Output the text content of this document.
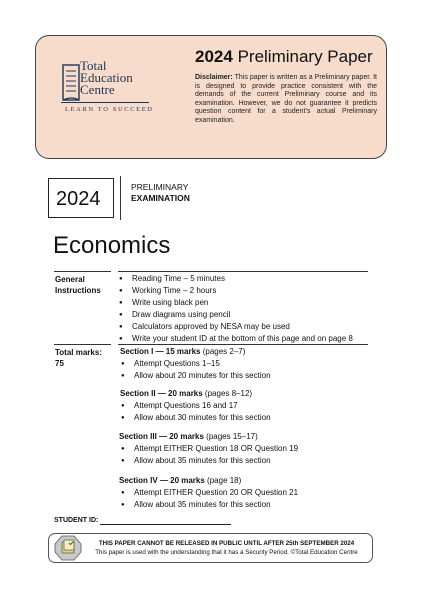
Total
Education
Centre
LEARN TO SUCCEED
2024 Preliminary Paper
Disclaimer: This paper is written as a Preliminary paper. It is designed to provide practice consistent with the demands of the current Preliminary course and its examination. However, we do not guarantee it predicts question content for a student’s actual Preliminary examination.
2024
PRELIMINARY
EXAMINATION
Economics
General
Instructions
● Reading Time – 5 minutes
● Working Time – 2 hours
● Write using black pen
● Draw diagrams using pencil
● Calculators approved by NESA may be used
● Write your student ID at the bottom of this page and on page 8
Total marks:
75
Section I — 15 marks (pages 2–7)
● Attempt Questions 1–15
● Allow about 20 minutes for this section
Section II — 20 marks (pages 8–12)
● Attempt Questions 16 and 17
● Allow about 30 minutes for this section
Section III — 20 marks (pages 15–17)
● Attempt EITHER Question 18 OR Question 19
● Allow about 35 minutes for this section
Section IV — 20 marks (page 18)
● Attempt EITHER Question 20 OR Question 21
● Allow about 35 minutes for this section
STUDENT ID:
THIS PAPER CANNOT BE RELEASED IN PUBLIC UNTIL AFTER 25th SEPTEMBER 2024
This paper is used with the understanding that it has a Security Period. ©Total Education Centre
